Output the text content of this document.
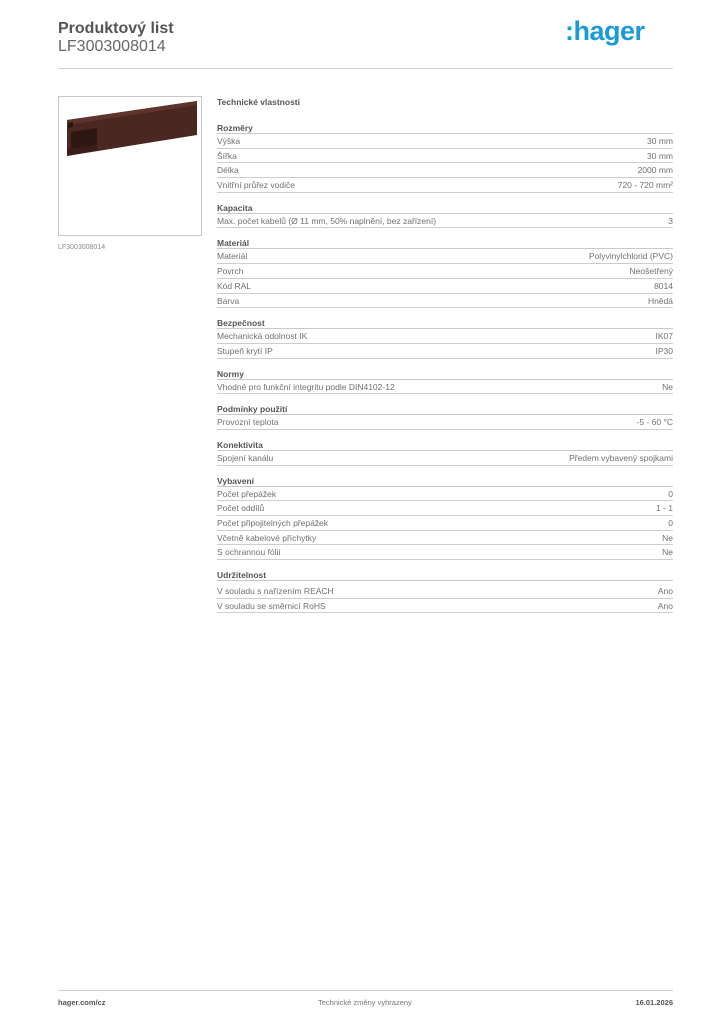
Produktový list
LF3003008014
:hager
LF3003008014
Technické vlastnosti
Rozměry
Výška	30 mm
Šířka	30 mm
Délka	2000 mm
Vnitřní průřez vodiče	720 - 720 mm²
Kapacita
Max. počet kabelů (Ø 11 mm, 50% naplnění, bez zařízení)	3
Materiál
Materiál	Polyvinylchlorid (PVC)
Povrch	Neošetřený
Kód RAL	8014
Barva	Hnědá
Bezpečnost
Mechanická odolnost IK	IK07
Stupeň krytí IP	IP30
Normy
Vhodné pro funkční integritu podle DIN4102-12	Ne
Podmínky použití
Provozní teplota	-5 - 60 °C
Konektivita
Spojení kanálu	Předem vybavený spojkami
Vybavení
Počet přepážek	0
Počet oddílů	1 - 1
Počet připojitelných přepážek	0
Včetně kabelové příchytky	Ne
S ochrannou fólií	Ne
Udržitelnost
V souladu s nařízením REACH	Ano
V souladu se směrnicí RoHS	Ano
hager.com/cz	Technické změny vyhrazeny	16.01.2026
